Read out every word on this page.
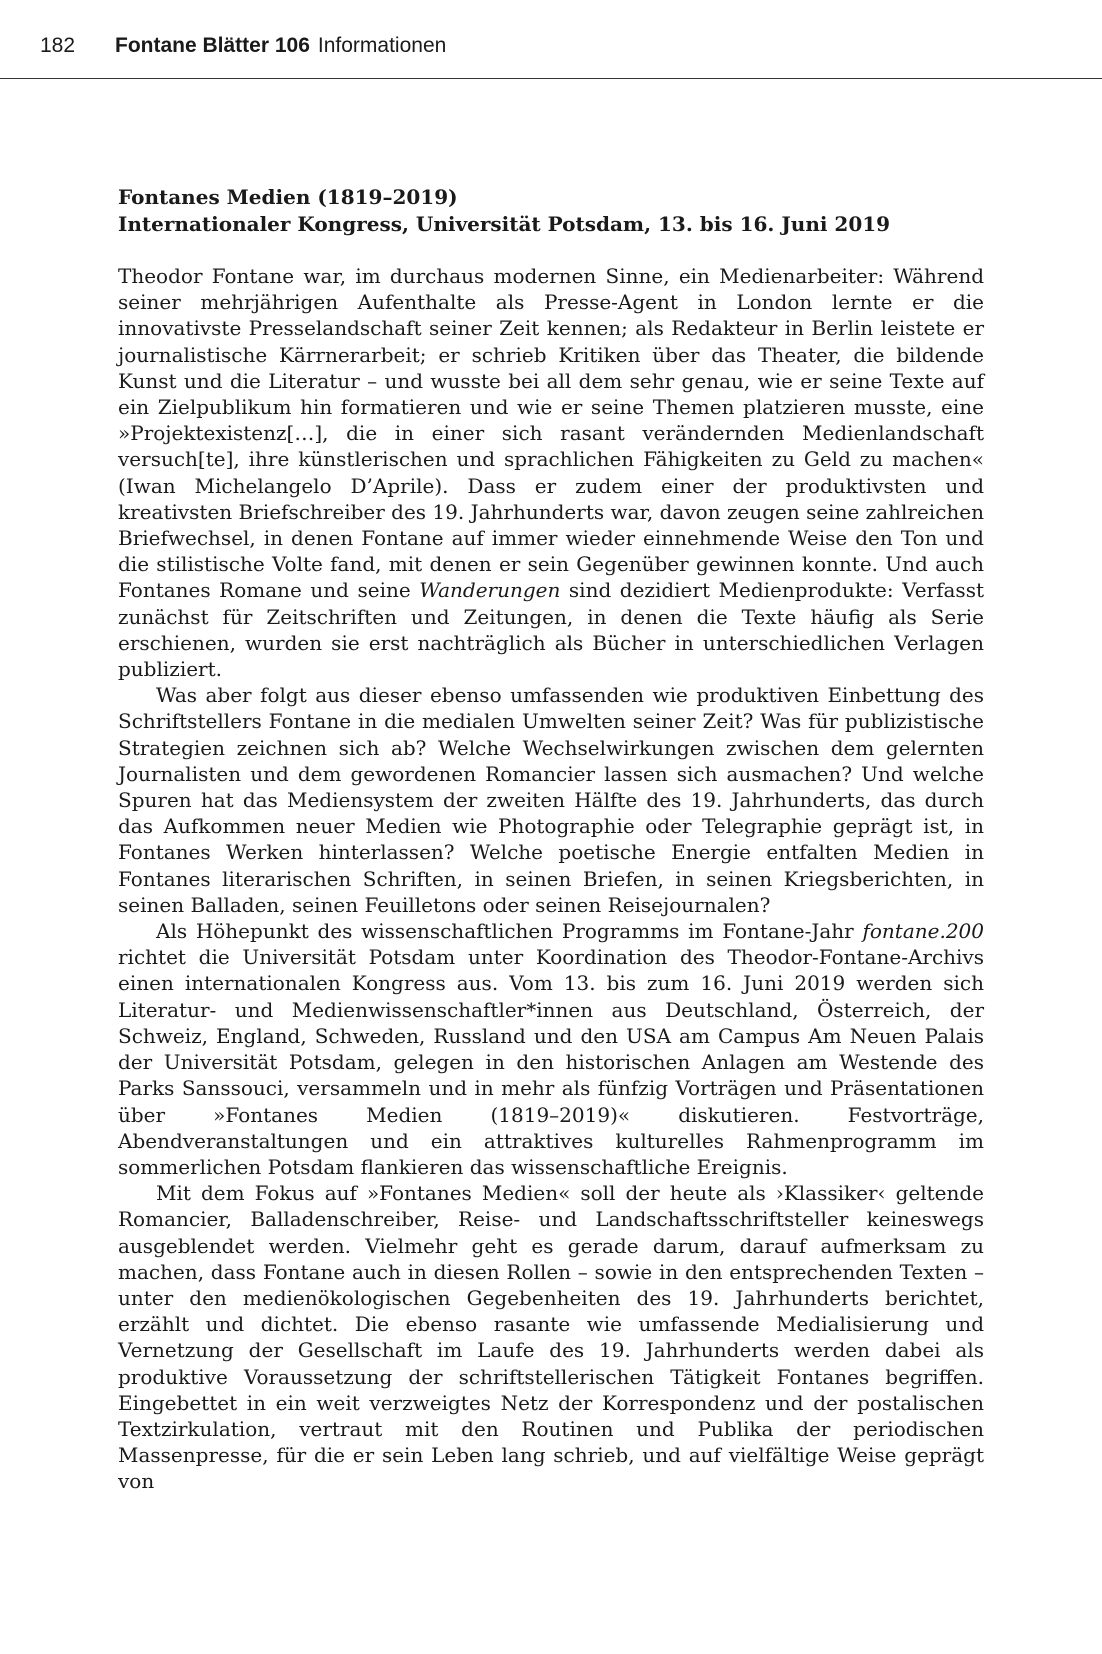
182 Fontane Blätter 106 Informationen

Fontanes Medien (1819–2019)

Internationaler Kongress, Universität Potsdam, 13. bis 16. Juni 2019

Theodor Fontane war, im durchaus modernen Sinne, ein Medienarbeiter: Während seiner mehrjährigen Aufenthalte als Presse-Agent in London lernte er die innovativste Presselandschaft seiner Zeit kennen; als Redakteur in Berlin leistete er journalistische Kärrnerarbeit; er schrieb Kritiken über das Theater, die bildende Kunst und die Literatur – und wusste bei all dem sehr genau, wie er seine Texte auf ein Zielpublikum hin formatieren und wie er seine Themen platzieren musste, eine »Projektexistenz[…], die in einer sich rasant verändernden Medienlandschaft versuch[te], ihre künstlerischen und sprachlichen Fähigkeiten zu Geld zu machen« (Iwan Michelangelo D’Aprile). Dass er zudem einer der produktivsten und kreativsten Briefschreiber des 19. Jahrhunderts war, davon zeugen seine zahlreichen Briefwechsel, in denen Fontane auf immer wieder einnehmende Weise den Ton und die stilistische Volte fand, mit denen er sein Gegenüber gewinnen konnte. Und auch Fontanes Romane und seine Wanderungen sind dezidiert Medienprodukte: Verfasst zunächst für Zeitschriften und Zeitungen, in denen die Texte häufig als Serie erschienen, wurden sie erst nachträglich als Bücher in unterschiedlichen Verlagen publiziert.

Was aber folgt aus dieser ebenso umfassenden wie produktiven Einbettung des Schriftstellers Fontane in die medialen Umwelten seiner Zeit? Was für publizistische Strategien zeichnen sich ab? Welche Wechselwirkungen zwischen dem gelernten Journalisten und dem gewordenen Romancier lassen sich ausmachen? Und welche Spuren hat das Mediensystem der zweiten Hälfte des 19. Jahrhunderts, das durch das Aufkommen neuer Medien wie Photographie oder Telegraphie geprägt ist, in Fontanes Werken hinterlassen? Welche poetische Energie entfalten Medien in Fontanes literarischen Schriften, in seinen Briefen, in seinen Kriegsberichten, in seinen Balladen, seinen Feuilletons oder seinen Reisejournalen?

Als Höhepunkt des wissenschaftlichen Programms im Fontane-Jahr fontane.200 richtet die Universität Potsdam unter Koordination des Theodor-Fontane-Archivs einen internationalen Kongress aus. Vom 13. bis zum 16. Juni 2019 werden sich Literatur- und Medienwissenschaftler*innen aus Deutschland, Österreich, der Schweiz, England, Schweden, Russland und den USA am Campus Am Neuen Palais der Universität Potsdam, gelegen in den historischen Anlagen am Westende des Parks Sanssouci, versammeln und in mehr als fünfzig Vorträgen und Präsentationen über »Fontanes Medien (1819–2019)« diskutieren. Festvorträge, Abendveranstaltungen und ein attraktives kulturelles Rahmenprogramm im sommerlichen Potsdam flankieren das wissenschaftliche Ereignis.

Mit dem Fokus auf »Fontanes Medien« soll der heute als ›Klassiker‹ geltende Romancier, Balladenschreiber, Reise- und Landschaftsschriftsteller keineswegs ausgeblendet werden. Vielmehr geht es gerade darum, darauf aufmerksam zu machen, dass Fontane auch in diesen Rollen – sowie in den entsprechenden Texten – unter den medienökologischen Gegebenheiten des 19. Jahrhunderts berichtet, erzählt und dichtet. Die ebenso rasante wie umfassende Medialisierung und Vernetzung der Gesellschaft im Laufe des 19. Jahrhunderts werden dabei als produktive Voraussetzung der schriftstellerischen Tätigkeit Fontanes begriffen. Eingebettet in ein weit verzweigtes Netz der Korrespondenz und der postalischen Textzirkulation, vertraut mit den Routinen und Publika der periodischen Massenpresse, für die er sein Leben lang schrieb, und auf vielfältige Weise geprägt von
